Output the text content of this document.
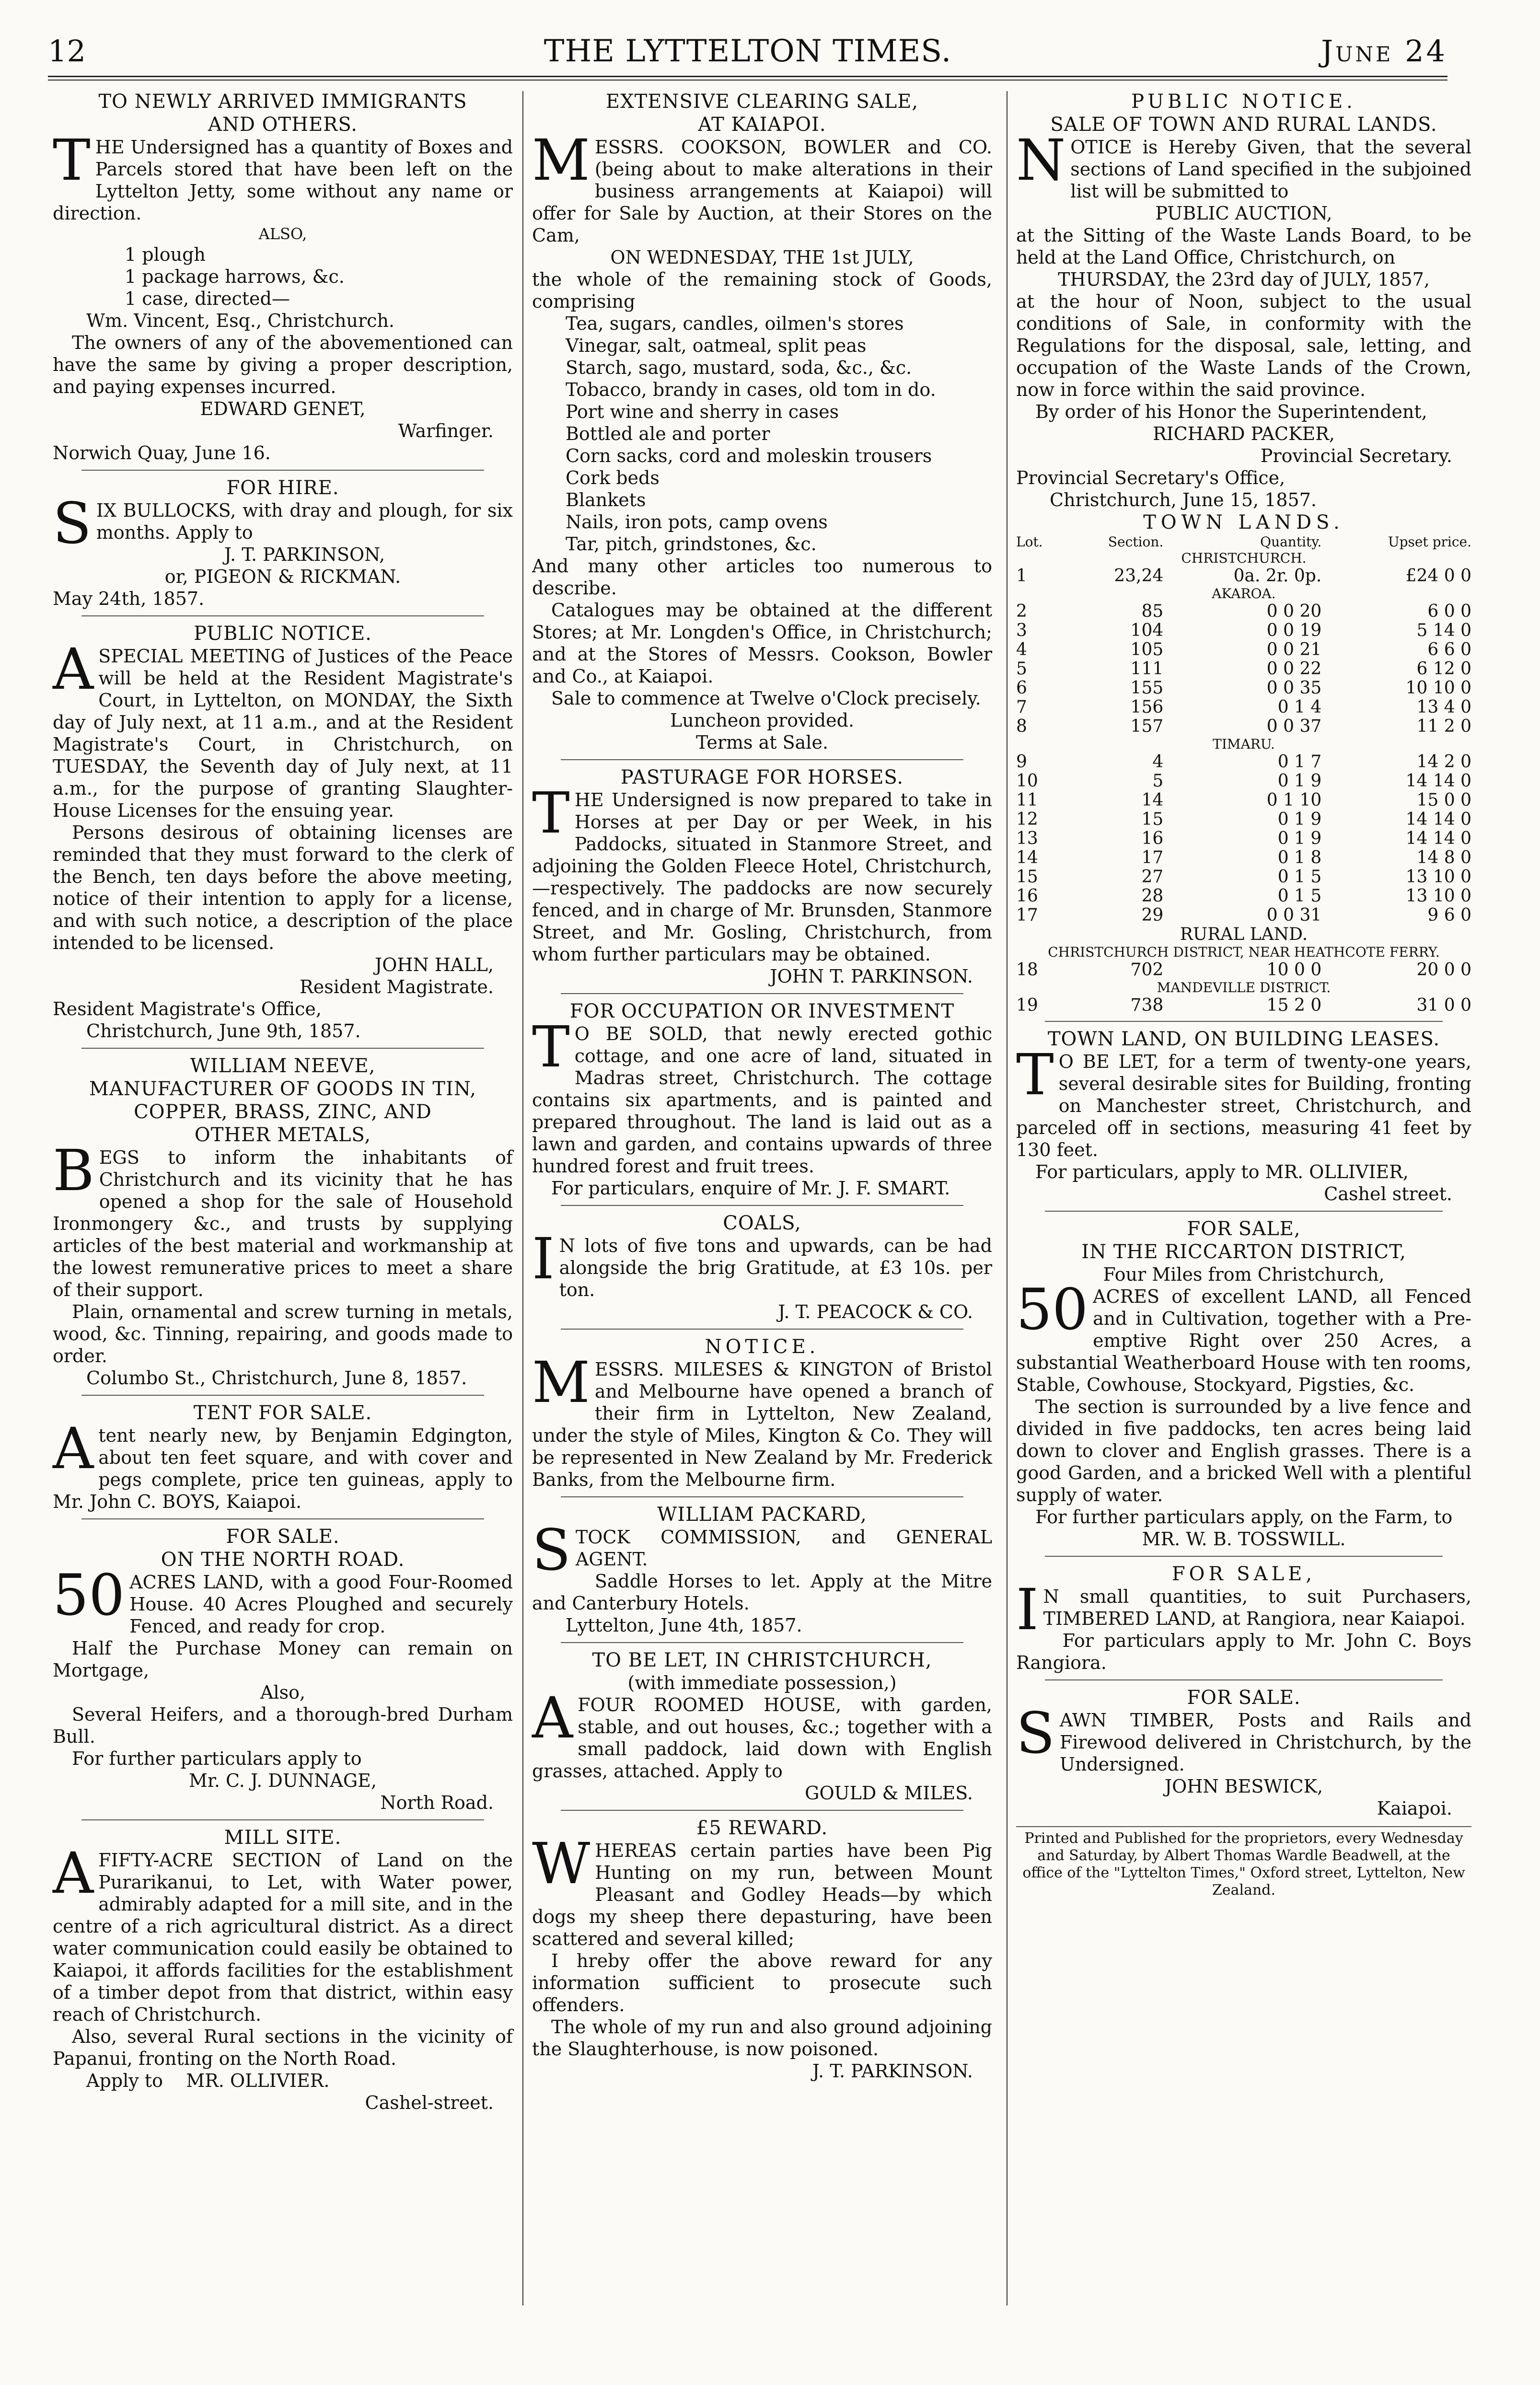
12	THE LYTTELTON TIMES.	June 24
TO NEWLY ARRIVED IMMIGRANTS
AND OTHERS.

THE Undersigned has a quantity of Boxes and Parcels stored that have been left on the Lyttelton Jetty, some without any name or direction.

ALSO,
1 plough
1 package harrows, &c.
1 case, directed—
Wm. Vincent, Esq., Christchurch.

The owners of any of the abovementioned can have the same by giving a proper description, and paying expenses incurred.

EDWARD GENET,
Warfinger.
Norwich Quay, June 16.
FOR HIRE.

SIX BULLOCKS, with dray and plough, for six months. Apply to

J. T. PARKINSON,
or, PIGEON & RICKMAN.
May 24th, 1857.
PUBLIC NOTICE.

ASPECIAL MEETING of Justices of the Peace will be held at the Resident Magistrate's Court, in Lyttelton, on MONDAY, the Sixth day of July next, at 11 a.m., and at the Resident Magistrate's Court, in Christchurch, on TUESDAY, the Seventh day of July next, at 11 a.m., for the purpose of granting Slaughter-House Licenses for the ensuing year.

Persons desirous of obtaining licenses are reminded that they must forward to the clerk of the Bench, ten days before the above meeting, notice of their intention to apply for a license, and with such notice, a description of the place intended to be licensed.

JOHN HALL,
Resident Magistrate.
Resident Magistrate's Office,
Christchurch, June 9th, 1857.
WILLIAM NEEVE,
MANUFACTURER OF GOODS IN TIN,
COPPER, BRASS, ZINC, AND
OTHER METALS,

BEGS to inform the inhabitants of Christchurch and its vicinity that he has opened a shop for the sale of Household Ironmongery &c., and trusts by supplying articles of the best material and workmanship at the lowest remunerative prices to meet a share of their support.

Plain, ornamental and screw turning in metals, wood, &c. Tinning, repairing, and goods made to order.

Columbo St., Christchurch, June 8, 1857.
TENT FOR SALE.

Atent nearly new, by Benjamin Edgington, about ten feet square, and with cover and pegs complete, price ten guineas, apply to Mr. John C. BOYS, Kaiapoi.

FOR SALE.
ON THE NORTH ROAD.

50 ACRES LAND, with a good Four-Roomed House. 40 Acres Ploughed and securely Fenced, and ready for crop.

Half the Purchase Money can remain on Mortgage,

Also,

Several Heifers, and a thorough-bred Durham Bull.

For further particulars apply to

Mr. C. J. DUNNAGE,
North Road.
MILL SITE.

AFIFTY-ACRE SECTION of Land on the Purarikanui, to Let, with Water power, admirably adapted for a mill site, and in the centre of a rich agricultural district. As a direct water communication could easily be obtained to Kaiapoi, it affords facilities for the establishment of a timber depot from that district, within easy reach of Christchurch.

Also, several Rural sections in the vicinity of Papanui, fronting on the North Road.

Apply to MR. OLLIVIER.
Cashel-street.
EXTENSIVE CLEARING SALE,
AT KAIAPOI.

MESSRS. COOKSON, BOWLER and CO. (being about to make alterations in their business arrangements at Kaiapoi) will offer for Sale by Auction, at their Stores on the Cam,

ON WEDNESDAY, THE 1st JULY,

the whole of the remaining stock of Goods, comprising

Tea, sugars, candles, oilmen's stores
Vinegar, salt, oatmeal, split peas
Starch, sago, mustard, soda, &c., &c.
Tobacco, brandy in cases, old tom in do.
Port wine and sherry in cases
Bottled ale and porter
Corn sacks, cord and moleskin trousers
Cork beds
Blankets
Nails, iron pots, camp ovens
Tar, pitch, grindstones, &c.

And many other articles too numerous to describe.

Catalogues may be obtained at the different Stores; at Mr. Longden's Office, in Christchurch; and at the Stores of Messrs. Cookson, Bowler and Co., at Kaiapoi.

Sale to commence at Twelve o'Clock precisely.

Luncheon provided.
Terms at Sale.
PASTURAGE FOR HORSES.

THE Undersigned is now prepared to take in Horses at per Day or per Week, in his Paddocks, situated in Stanmore Street, and adjoining the Golden Fleece Hotel, Christchurch,—respectively. The paddocks are now securely fenced, and in charge of Mr. Brunsden, Stanmore Street, and Mr. Gosling, Christchurch, from whom further particulars may be obtained.

JOHN T. PARKINSON.
FOR OCCUPATION OR INVESTMENT

T O BE SOLD, that newly erected gothic cottage, and one acre of land, situated in Madras street, Christchurch. The cottage contains six apartments, and is painted and prepared throughout. The land is laid out as a lawn and garden, and contains upwards of three hundred forest and fruit trees.

For particulars, enquire of Mr. J. F. SMART.

COALS,

I N lots of five tons and upwards, can be had alongside the brig Gratitude, at £3 10s. per ton.

J. T. PEACOCK & CO.
NOTICE.

MESSRS. MILESES & KINGTON of Bristol and Melbourne have opened a branch of their firm in Lyttelton, New Zealand, under the style of Miles, Kington & Co. They will be represented in New Zealand by Mr. Frederick Banks, from the Melbourne firm.

WILLIAM PACKARD,

STOCK COMMISSION, and GENERAL AGENT.

Saddle Horses to let. Apply at the Mitre and Canterbury Hotels.

Lyttelton, June 4th, 1857.
TO BE LET, IN CHRISTCHURCH,
(with immediate possession,)

AFOUR ROOMED HOUSE, with garden, stable, and out houses, &c.; together with a small paddock, laid down with English grasses, attached. Apply to

GOULD & MILES.
£5 REWARD.

WHEREAS certain parties have been Pig Hunting on my run, between Mount Pleasant and Godley Heads—by which dogs my sheep there depasturing, have been scattered and several killed;

I hreby offer the above reward for any information sufficient to prosecute such offenders.

The whole of my run and also ground adjoining the Slaughterhouse, is now poisoned.

J. T. PARKINSON.
PUBLIC NOTICE.
SALE OF TOWN AND RURAL LANDS.

NOTICE is Hereby Given, that the several sections of Land specified in the subjoined list will be submitted to

PUBLIC AUCTION,

at the Sitting of the Waste Lands Board, to be held at the Land Office, Christchurch, on

THURSDAY, the 23rd day of JULY, 1857,

at the hour of Noon, subject to the usual conditions of Sale, in conformity with the Regulations for the disposal, sale, letting, and occupation of the Waste Lands of the Crown, now in force within the said province.

By order of his Honor the Superintendent,

RICHARD PACKER,
Provincial Secretary.
Provincial Secretary's Office,
Christchurch, June 15, 1857.
TOWN LANDS.
Lot.	Section.	Quantity.	Upset price.
CHRISTCHURCH.			
1	23,24	0a. 2r. 0p.	£24 0 0
AKAROA.			
2	85	0 0 20	6 0 0
3	104	0 0 19	5 14 0
4	105	0 0 21	6 6 0
5	111	0 0 22	6 12 0
6	155	0 0 35	10 10 0
7	156	0 1 4	13 4 0
8	157	0 0 37	11 2 0
TIMARU.			
9	4	0 1 7	14 2 0
10	5	0 1 9	14 14 0
11	14	0 1 10	15 0 0
12	15	0 1 9	14 14 0
13	16	0 1 9	14 14 0
14	17	0 1 8	14 8 0
15	27	0 1 5	13 10 0
16	28	0 1 5	13 10 0
17	29	0 0 31	9 6 0
RURAL LAND.			
CHRISTCHURCH DISTRICT, NEAR HEATHCOTE FERRY.			
18	702	10 0 0	20 0 0
MANDEVILLE DISTRICT.			
19	738	15 2 0	31 0 0
TOWN LAND, ON BUILDING LEASES.

T O BE LET, for a term of twenty-one years, several desirable sites for Building, fronting on Manchester street, Christchurch, and parceled off in sections, measuring 41 feet by 130 feet.

For particulars, apply to MR. OLLIVIER,

Cashel street.
FOR SALE,
IN THE RICCARTON DISTRICT,
Four Miles from Christchurch,

50 ACRES of excellent LAND, all Fenced and in Cultivation, together with a Pre-emptive Right over 250 Acres, a substantial Weatherboard House with ten rooms, Stable, Cowhouse, Stockyard, Pigsties, &c.

The section is surrounded by a live fence and divided in five paddocks, ten acres being laid down to clover and English grasses. There is a good Garden, and a bricked Well with a plentiful supply of water.

For further particulars apply, on the Farm, to

MR. W. B. TOSSWILL.
FOR SALE,

I N small quantities, to suit Purchasers, TIMBERED LAND, at Rangiora, near Kaiapoi.

For particulars apply to Mr. John C. Boys Rangiora.

FOR SALE.

SAWN TIMBER, Posts and Rails and Firewood delivered in Christchurch, by the Undersigned.

JOHN BESWICK,
Kaiapoi.
Printed and Published for the proprietors, every Wednesday and Saturday, by Albert Thomas Wardle Beadwell, at the office of the "Lyttelton Times," Oxford street, Lyttelton, New Zealand.
